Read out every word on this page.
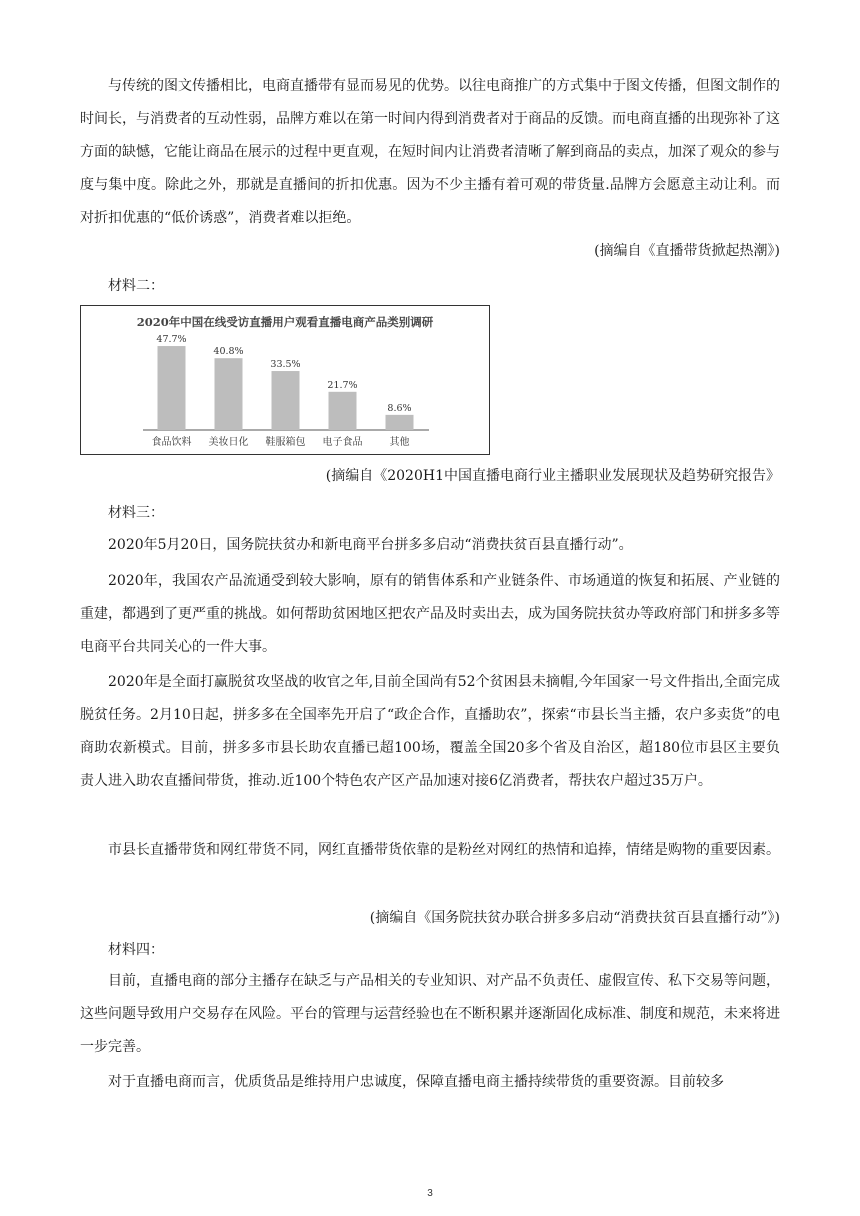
与传统的图文传播相比，电商直播带有显而易见的优势。以往电商推广的方式集中于图文传播，但图文制作的时间长，与消费者的互动性弱，品牌方难以在第一时间内得到消费者对于商品的反馈。而电商直播的出现弥补了这方面的缺憾，它能让商品在展示的过程中更直观，在短时间内让消费者清晰了解到商品的卖点，加深了观众的参与度与集中度。除此之外，那就是直播间的折扣优惠。因为不少主播有着可观的带货量.品牌方会愿意主动让利。而对折扣优惠的“低价诱惑”，消费者难以拒绝。

(摘编自《直播带货掀起热潮》)

材料二：

2020年中国在线受访直播用户观看直播电商产品类别调研
47.7%
食品饮料
40.8%
美妆日化
33.5%
鞋服箱包
21.7%
电子食品
8.6%
其他

(摘编自《2020H1中国直播电商行业主播职业发展现状及趋势研究报告》

材料三：

2020年5月20日，国务院扶贫办和新电商平台拼多多启动“消费扶贫百县直播行动”。

2020年，我国农产品流通受到较大影响，原有的销售体系和产业链条件、市场通道的恢复和拓展、产业链的重建，都遇到了更严重的挑战。如何帮助贫困地区把农产品及时卖出去，成为国务院扶贫办等政府部门和拼多多等电商平台共同关心的一件大事。

2020年是全面打赢脱贫攻坚战的收官之年,目前全国尚有52个贫困县未摘帽,今年国家一号文件指出,全面完成脱贫任务。2月10日起，拼多多在全国率先开启了“政企合作，直播助农”，探索“市县长当主播，农户多卖货”的电商助农新模式。目前，拼多多市县长助农直播已超100场，覆盖全国20多个省及自治区，超180位市县区主要负责人进入助农直播间带货，推动.近100个特色农产区产品加速对接6亿消费者，帮扶农户超过35万户。

市县长直播带货和网红带货不同，网红直播带货依靠的是粉丝对网红的热情和追捧，情绪是购物的重要因素。

(摘编自《国务院扶贫办联合拼多多启动“消费扶贫百县直播行动”》)

材料四：

目前，直播电商的部分主播存在缺乏与产品相关的专业知识、对产品不负责任、虚假宣传、私下交易等问题，这些问题导致用户交易存在风险。平台的管理与运营经验也在不断积累并逐渐固化成标准、制度和规范，未来将进一步完善。

对于直播电商而言，优质货品是维持用户忠诚度，保障直播电商主播持续带货的重要资源。目前较多

3
